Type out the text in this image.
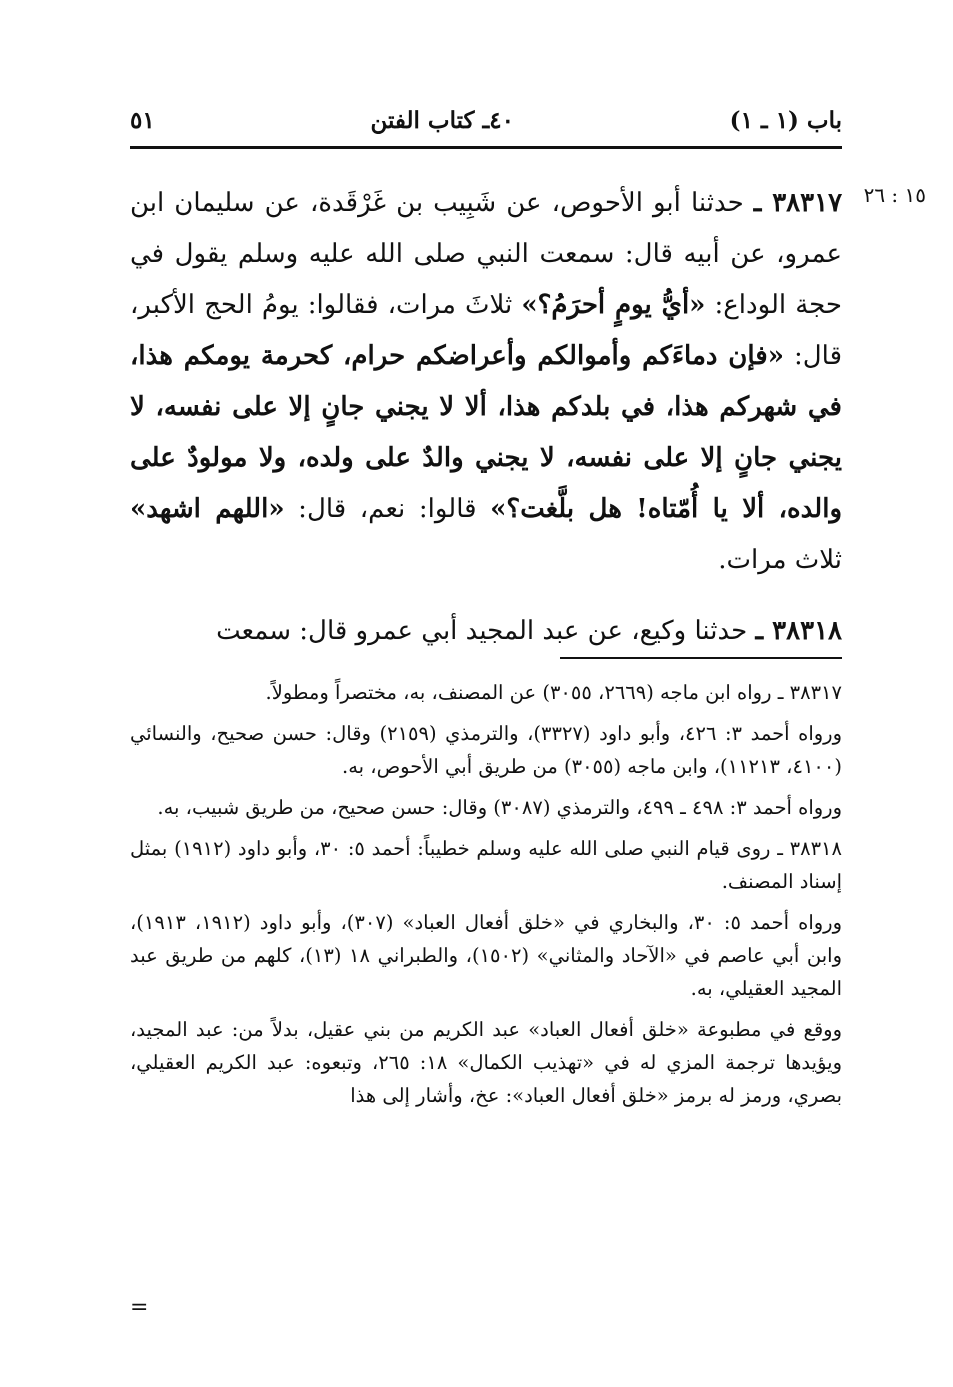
باب (١ ـ ١)
٤٠ـ كتاب الفتن
٥١
١٥ : ٢٦

٣٨٣١٧ ـ حدثنا أبو الأحوص، عن شَبِيب بن غَرْقَدة، عن سليمان ابن عمرو، عن أبيه قال: سمعت النبي صلى الله عليه وسلم يقول في حجة الوداع: «أيُّ يومٍ أحرَمُ؟» ثلاثَ مرات، فقالوا: يومُ الحج الأكبر، قال: «فإن دماءَكم وأموالكم وأعراضكم حرام، كحرمة يومكم هذا، في شهركم هذا، في بلدكم هذا، ألا لا يجني جانٍ إلا على نفسه، لا يجني جانٍ إلا على نفسه، لا يجني والدٌ على ولده، ولا مولودٌ على والده، ألا يا أُمّتاه! هل بلَّغت؟» قالوا: نعم، قال: «اللهم اشهد» ثلاث مرات.

٣٨٣١٨ ـ حدثنا وكيع، عن عبد المجيد أبي عمرو قال: سمعت

٣٨٣١٧ ـ رواه ابن ماجه (٢٦٦٩، ٣٠٥٥) عن المصنف، به، مختصراً ومطولاً.

ورواه أحمد ٣: ٤٢٦، وأبو داود (٣٣٢٧)، والترمذي (٢١٥٩) وقال: حسن صحيح، والنسائي (٤١٠٠، ١١٢١٣)، وابن ماجه (٣٠٥٥) من طريق أبي الأحوص، به.

ورواه أحمد ٣: ٤٩٨ ـ ٤٩٩، والترمذي (٣٠٨٧) وقال: حسن صحيح، من طريق شبيب، به.

٣٨٣١٨ ـ روى قيام النبي صلى الله عليه وسلم خطيباً: أحمد ٥: ٣٠، وأبو داود (١٩١٢) بمثل إسناد المصنف.

ورواه أحمد ٥: ٣٠، والبخاري في «خلق أفعال العباد» (٣٠٧)، وأبو داود (١٩١٢، ١٩١٣)، وابن أبي عاصم في «الآحاد والمثاني» (١٥٠٢)، والطبراني ١٨ (١٣)، كلهم من طريق عبد المجيد العقيلي، به.

ووقع في مطبوعة «خلق أفعال العباد» عبد الكريم من بني عقيل، بدلاً من: عبد المجيد، ويؤيدها ترجمة المزي له في «تهذيب الكمال» ١٨: ٢٦٥، وتبعوه: عبد الكريم العقيلي، بصري، ورمز له برمز «خلق أفعال العباد»: عخ، وأشار إلى هذا

=
